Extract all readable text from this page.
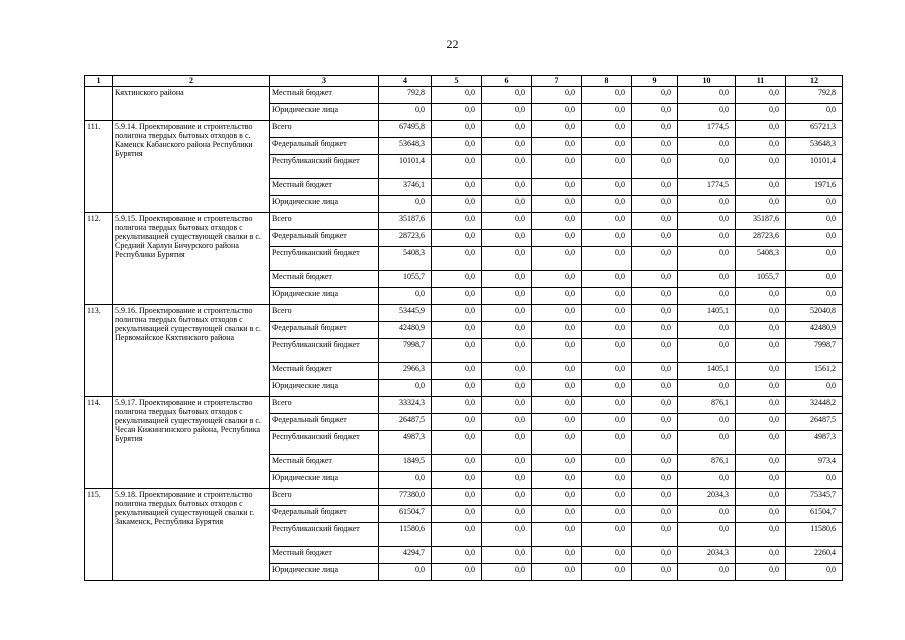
22
1	2	3	4	5	6	7	8	9	10	11	12
	Кяхтинского района	Местный бюджет	792,8	0,0	0,0	0,0	0,0	0,0	0,0	0,0	792,8
		Юридические лица	0,0	0,0	0,0	0,0	0,0	0,0	0,0	0,0	0,0
111.	5.9.14. Проектирование и строительство полигона твердых бытовых отходов в с. Каменск Кабанского района Республики Бурятия	Всего	67495,8	0,0	0,0	0,0	0,0	0,0	1774,5	0,0	65721,3
		Федеральный бюджет	53648,3	0,0	0,0	0,0	0,0	0,0	0,0	0,0	53648,3
		Республиканский бюджет	10101,4	0,0	0,0	0,0	0,0	0,0	0,0	0,0	10101,4
		Местный бюджет	3746,1	0,0	0,0	0,0	0,0	0,0	1774,5	0,0	1971,6
		Юридические лица	0,0	0,0	0,0	0,0	0,0	0,0	0,0	0,0	0,0
112.	5.9.15. Проектирование и строительство полигона твердых бытовых отходов с рекультивацией существующей свалки в с. Средний Харлун Бичурского района Республики Бурятия	Всего	35187,6	0,0	0,0	0,0	0,0	0,0	0,0	35187,6	0,0
		Федеральный бюджет	28723,6	0,0	0,0	0,0	0,0	0,0	0,0	28723,6	0,0
		Республиканский бюджет	5408,3	0,0	0,0	0,0	0,0	0,0	0,0	5408,3	0,0
		Местный бюджет	1055,7	0,0	0,0	0,0	0,0	0,0	0,0	1055,7	0,0
		Юридические лица	0,0	0,0	0,0	0,0	0,0	0,0	0,0	0,0	0,0
113.	5.9.16. Проектирование и строительство полигона твердых бытовых отходов с рекультивацией существующей свалки в с. Первомайское Кяхтинского района	Всего	53445,9	0,0	0,0	0,0	0,0	0,0	1405,1	0,0	52040,8
		Федеральный бюджет	42480,9	0,0	0,0	0,0	0,0	0,0	0,0	0,0	42480,9
		Республиканский бюджет	7998,7	0,0	0,0	0,0	0,0	0,0	0,0	0,0	7998,7
		Местный бюджет	2966,3	0,0	0,0	0,0	0,0	0,0	1405,1	0,0	1561,2
		Юридические лица	0,0	0,0	0,0	0,0	0,0	0,0	0,0	0,0	0,0
114.	5.9.17. Проектирование и строительство полигона твердых бытовых отходов с рекультивацией существующей свалки в с. Чесан Кижингинского района, Республика Бурятия	Всего	33324,3	0,0	0,0	0,0	0,0	0,0	876,1	0,0	32448,2
		Федеральный бюджет	26487,5	0,0	0,0	0,0	0,0	0,0	0,0	0,0	26487,5
		Республиканский бюджет	4987,3	0,0	0,0	0,0	0,0	0,0	0,0	0,0	4987,3
		Местный бюджет	1849,5	0,0	0,0	0,0	0,0	0,0	876,1	0,0	973,4
		Юридические лица	0,0	0,0	0,0	0,0	0,0	0,0	0,0	0,0	0,0
115.	5.9.18. Проектирование и строительство полигона твердых бытовых отходов с рекультивацией существующей свалки г. Закаменск, Республика Бурятия	Всего	77380,0	0,0	0,0	0,0	0,0	0,0	2034,3	0,0	75345,7
		Федеральный бюджет	61504,7	0,0	0,0	0,0	0,0	0,0	0,0	0,0	61504,7
		Республиканский бюджет	11580,6	0,0	0,0	0,0	0,0	0,0	0,0	0,0	11580,6
		Местный бюджет	4294,7	0,0	0,0	0,0	0,0	0,0	2034,3	0,0	2260,4
		Юридические лица	0,0	0,0	0,0	0,0	0,0	0,0	0,0	0,0	0,0
